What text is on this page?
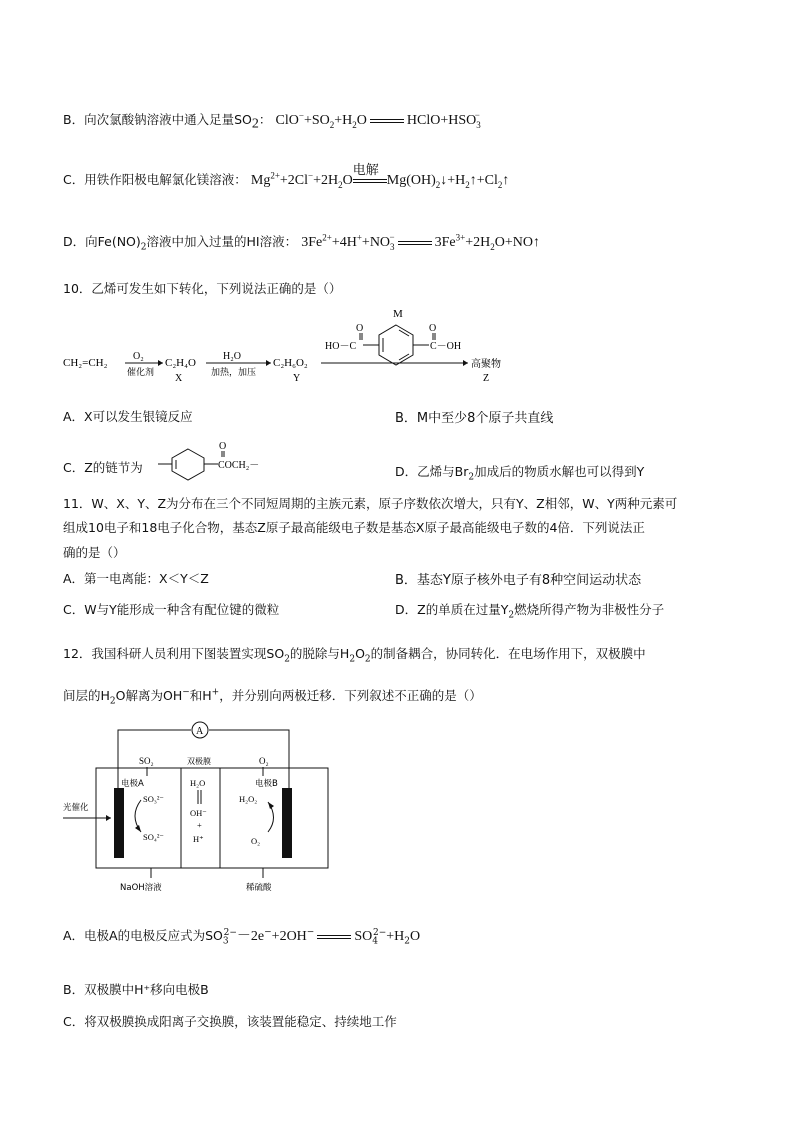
B．向次氯酸钠溶液中通入足量$SO_2$： $ClO^-+SO_2+H_2O$	$HClO+HSO_3^-$
C．用铁作阳极电解氯化镁溶液： $Mg^{2+}+2Cl^-+2H_2O$
电解
$Mg(OH)_2↓+H_2↑+Cl_2↑$
D．向$Fe(NO)_2$溶液中加入过量的HI溶液： $3Fe^{2+}+4H^++NO_3^-$	$3Fe^{3+}+2H_2O+NO↑$
10．乙烯可发生如下转化，下列说法正确的是（）
M
O	O
HO－C	C－OH
CH₂=CH₂
O₂
催化剂
C₂H₄O
X
H₂O
加热，加压
C₂H₆O₂
Y
高聚物
Z
A．X可以发生银镜反应	B．M中至少8个原子共直线
C．Z的链节为
O
COCH₂－	D．乙烯与$Br_2$加成后的物质水解也可以得到Y
11．W、X、Y、Z为分布在三个不同短周期的主族元素，原子序数依次增大，只有Y、Z相邻，W、Y两种元素可
组成10电子和18电子化合物，基态Z原子最高能级电子数是基态X原子最高能级电子数的4倍．下列说法正
确的是（）
A．第一电离能：X＜Y＜Z	B．基态Y原子核外电子有8种空间运动状态
C．W与Y能形成一种含有配位键的微粒	D．Z的单质在过量$Y_2$燃烧所得产物为非极性分子
12．我国科研人员利用下图装置实现$SO_2$的脱除与$H_2O_2$的制备耦合，协同转化．在电场作用下，双极膜中
间层的$H_2O$解离为OH−和H+，并分别向两极迁移．下列叙述不正确的是（）
A
SO₂	双极膜	O₂
电极A	电极B
SO₃²⁻
SO₄²⁻
H₂O
OH⁻
+
H⁺
H₂O₂
O₂
光催化
NaOH溶液	稀硫酸
A．电极A的电极反应式为$SO_3^{2-}-2e^-+2OH^-$	$SO_4^{2-}+H_2O$
B．双极膜中H⁺移向电极B
C．将双极膜换成阳离子交换膜，该装置能稳定、持续地工作
